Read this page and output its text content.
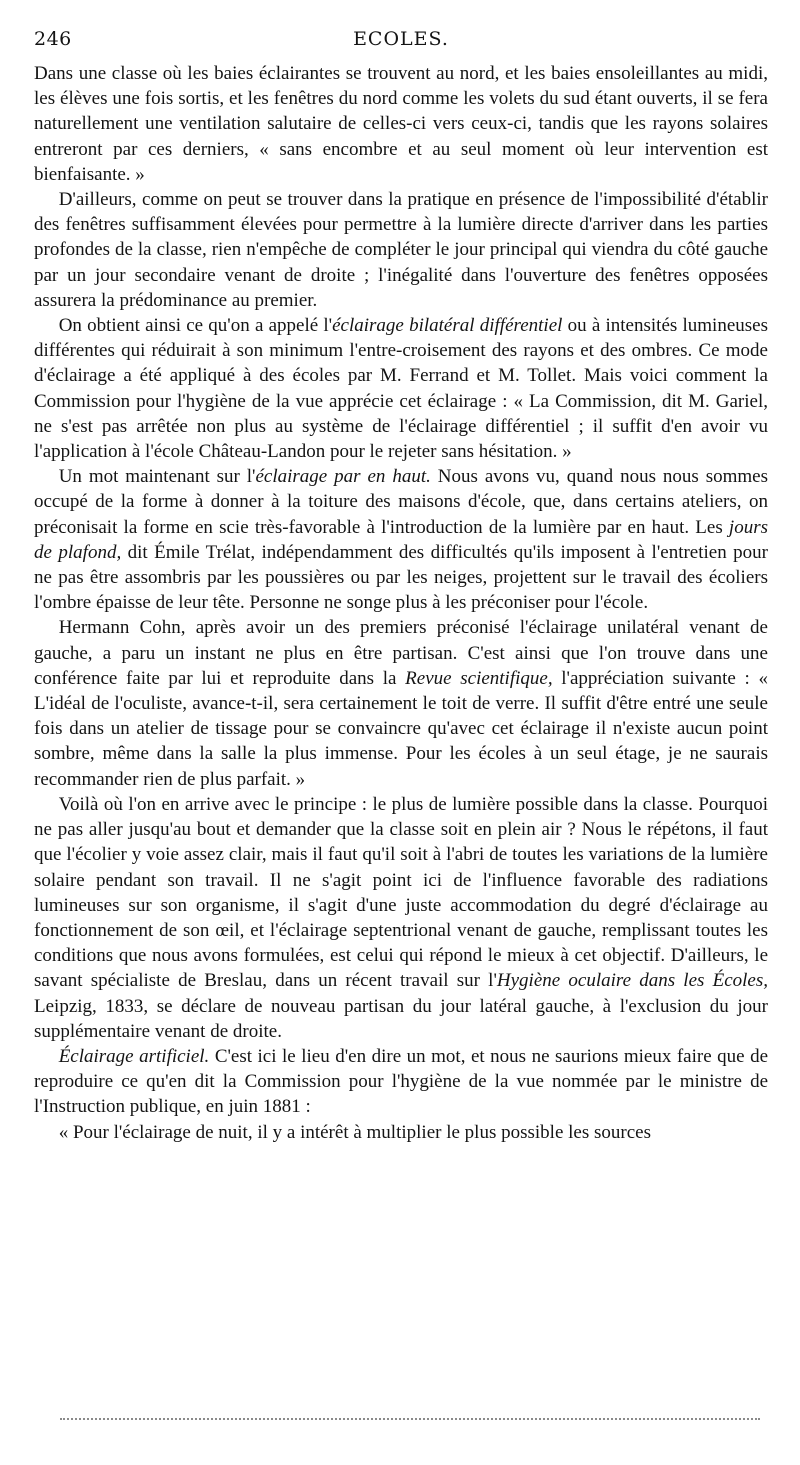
246	ECOLES.

Dans une classe où les baies éclairantes se trouvent au nord, et les baies ensoleillantes au midi, les élèves une fois sortis, et les fenêtres du nord comme les volets du sud étant ouverts, il se fera naturellement une ventilation salutaire de celles-ci vers ceux-ci, tandis que les rayons solaires entreront par ces derniers, « sans encombre et au seul moment où leur intervention est bienfaisante. »

D'ailleurs, comme on peut se trouver dans la pratique en présence de l'impossibilité d'établir des fenêtres suffisamment élevées pour permettre à la lumière directe d'arriver dans les parties profondes de la classe, rien n'empêche de compléter le jour principal qui viendra du côté gauche par un jour secondaire venant de droite ; l'inégalité dans l'ouverture des fenêtres opposées assurera la prédominance au premier.

On obtient ainsi ce qu'on a appelé l'éclairage bilatéral différentiel ou à intensités lumineuses différentes qui réduirait à son minimum l'entre-croisement des rayons et des ombres. Ce mode d'éclairage a été appliqué à des écoles par M. Ferrand et M. Tollet. Mais voici comment la Commission pour l'hygiène de la vue apprécie cet éclairage : « La Commission, dit M. Gariel, ne s'est pas arrêtée non plus au système de l'éclairage différentiel ; il suffit d'en avoir vu l'application à l'école Château-Landon pour le rejeter sans hésitation. »

Un mot maintenant sur l'éclairage par en haut. Nous avons vu, quand nous nous sommes occupé de la forme à donner à la toiture des maisons d'école, que, dans certains ateliers, on préconisait la forme en scie très-favorable à l'introduction de la lumière par en haut. Les jours de plafond, dit Émile Trélat, indépendamment des difficultés qu'ils imposent à l'entretien pour ne pas être assombris par les poussières ou par les neiges, projettent sur le travail des écoliers l'ombre épaisse de leur tête. Personne ne songe plus à les préconiser pour l'école.

Hermann Cohn, après avoir un des premiers préconisé l'éclairage unilatéral venant de gauche, a paru un instant ne plus en être partisan. C'est ainsi que l'on trouve dans une conférence faite par lui et reproduite dans la Revue scientifique, l'appréciation suivante : « L'idéal de l'oculiste, avance-t-il, sera certainement le toit de verre. Il suffit d'être entré une seule fois dans un atelier de tissage pour se convaincre qu'avec cet éclairage il n'existe aucun point sombre, même dans la salle la plus immense. Pour les écoles à un seul étage, je ne saurais recommander rien de plus parfait. »

Voilà où l'on en arrive avec le principe : le plus de lumière possible dans la classe. Pourquoi ne pas aller jusqu'au bout et demander que la classe soit en plein air ? Nous le répétons, il faut que l'écolier y voie assez clair, mais il faut qu'il soit à l'abri de toutes les variations de la lumière solaire pendant son travail. Il ne s'agit point ici de l'influence favorable des radiations lumineuses sur son organisme, il s'agit d'une juste accommodation du degré d'éclairage au fonctionnement de son œil, et l'éclairage septentrional venant de gauche, remplissant toutes les conditions que nous avons formulées, est celui qui répond le mieux à cet objectif. D'ailleurs, le savant spécialiste de Breslau, dans un récent travail sur l'Hygiène oculaire dans les Écoles, Leipzig, 1833, se déclare de nouveau partisan du jour latéral gauche, à l'exclusion du jour supplémentaire venant de droite.

Éclairage artificiel. C'est ici le lieu d'en dire un mot, et nous ne saurions mieux faire que de reproduire ce qu'en dit la Commission pour l'hygiène de la vue nommée par le ministre de l'Instruction publique, en juin 1881 :

« Pour l'éclairage de nuit, il y a intérêt à multiplier le plus possible les sources
